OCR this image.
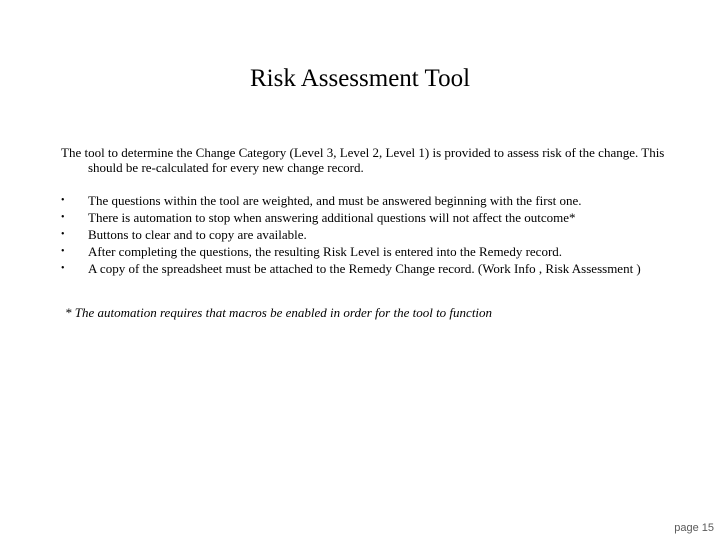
Risk Assessment Tool
The tool to determine the Change Category (Level 3, Level 2, Level 1) is provided to assess risk of the change. This should be re-calculated for every new change record.
•	The questions within the tool are weighted, and must be answered beginning with the first one.
•	There is automation to stop when answering additional questions will not affect the outcome*
•	Buttons to clear and to copy are available.
•	After completing the questions, the resulting Risk Level is entered into the Remedy record.
•	A copy of the spreadsheet must be attached to the Remedy Change record. (Work Info , Risk Assessment )
* The automation requires that macros be enabled in order for the tool to function
page 15
